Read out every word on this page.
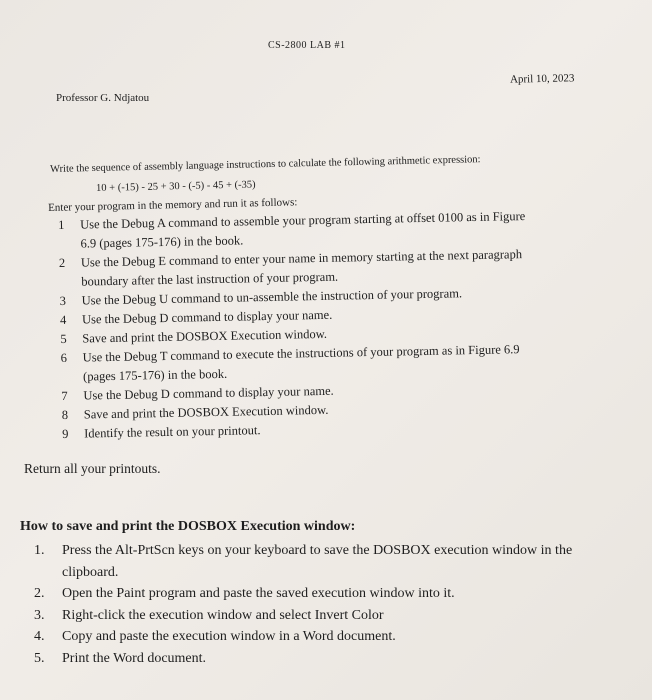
CS-2800 LAB #1
Professor G. Ndjatou
April 10, 2023
Write the sequence of assembly language instructions to calculate the following arithmetic expression:
10 + (-15) - 25 + 30 - (-5) - 45 + (-35)
Enter your program in the memory and run it as follows:
1	Use the Debug A command to assemble your program starting at offset 0100 as in Figure
6.9 (pages 175-176) in the book.
2	Use the Debug E command to enter your name in memory starting at the next paragraph
boundary after the last instruction of your program.
3	Use the Debug U command to un-assemble the instruction of your program.
4	Use the Debug D command to display your name.
5	Save and print the DOSBOX Execution window.
6	Use the Debug T command to execute the instructions of your program as in Figure 6.9
(pages 175-176) in the book.
7	Use the Debug D command to display your name.
8	Save and print the DOSBOX Execution window.
9	Identify the result on your printout.
Return all your printouts.
How to save and print the DOSBOX Execution window:
1.	Press the Alt-PrtScn keys on your keyboard to save the DOSBOX execution window in the
clipboard.
2.	Open the Paint program and paste the saved execution window into it.
3.	Right-click the execution window and select Invert Color
4.	Copy and paste the execution window in a Word document.
5.	Print the Word document.
